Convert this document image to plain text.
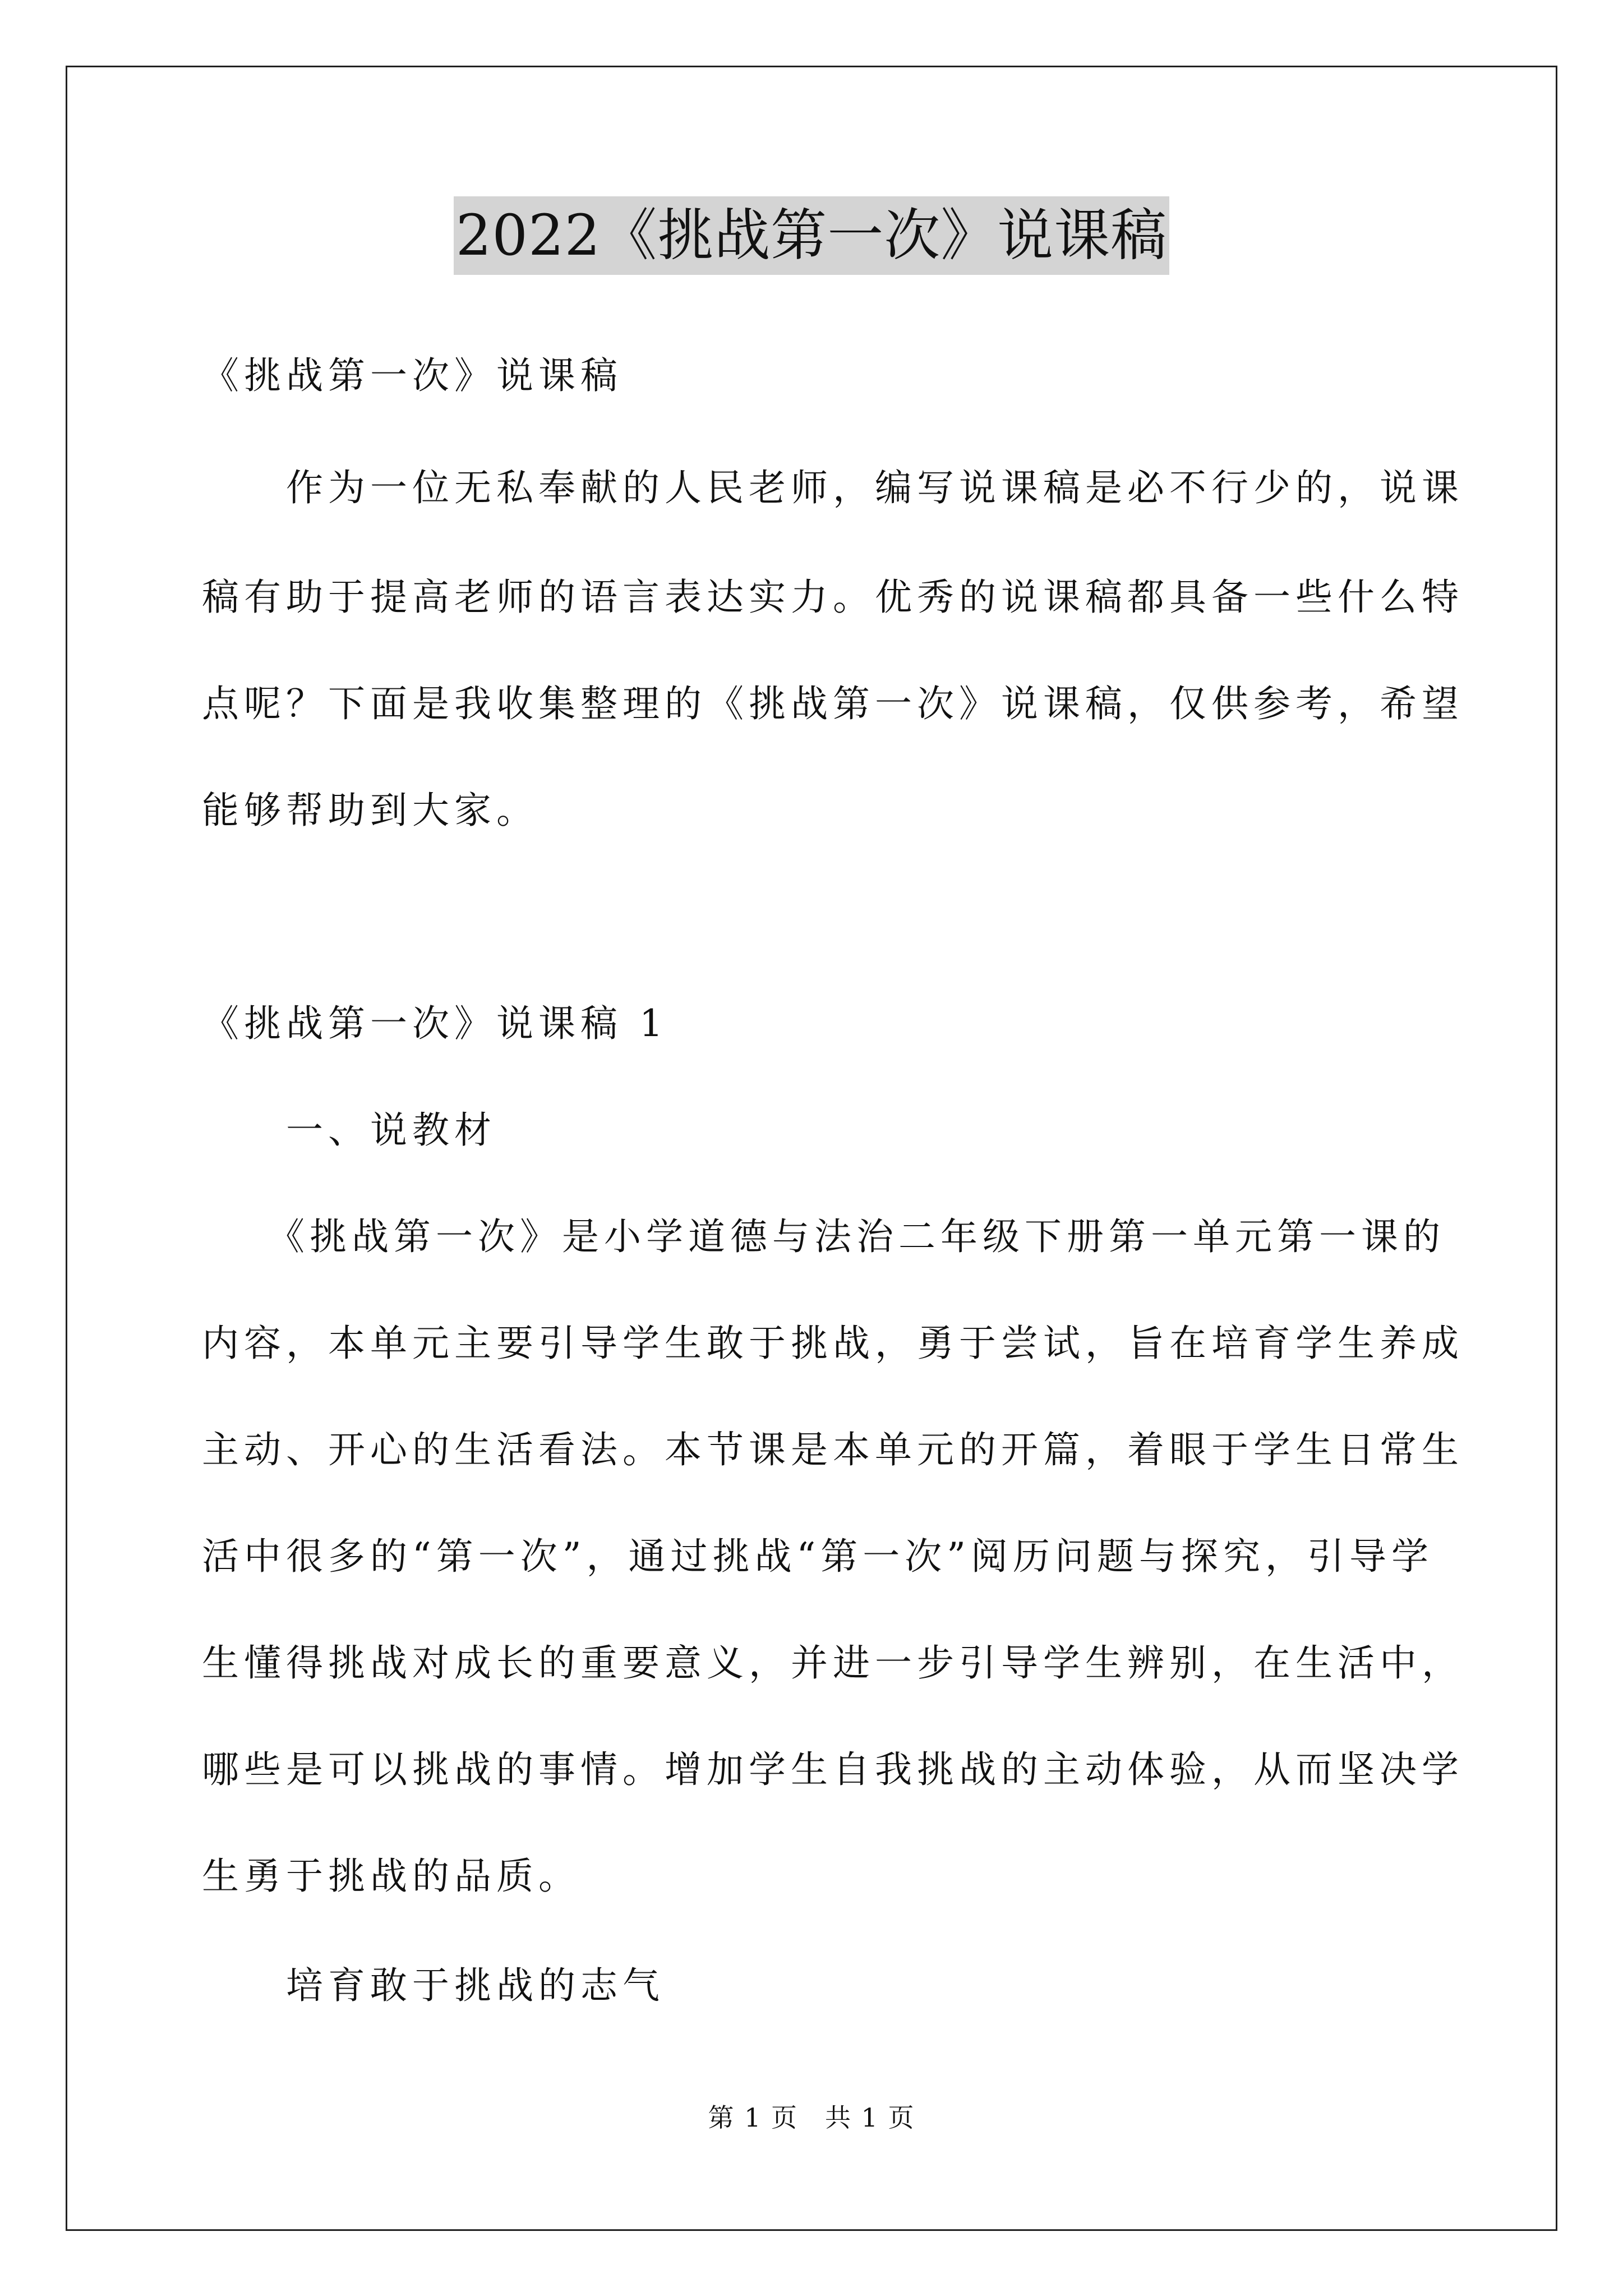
2022《挑战第一次》说课稿
《挑战第一次》说课稿
　　作为一位无私奉献的人民老师，编写说课稿是必不行少的，说课
稿有助于提高老师的语言表达实力。优秀的说课稿都具备一些什么特
点呢？下面是我收集整理的《挑战第一次》说课稿，仅供参考，希望
能够帮助到大家。
《挑战第一次》说课稿 1
　　一、说教材
　　《挑战第一次》是小学道德与法治二年级下册第一单元第一课的
内容，本单元主要引导学生敢于挑战，勇于尝试，旨在培育学生养成
主动、开心的生活看法。本节课是本单元的开篇，着眼于学生日常生
活中很多的“第一次”，通过挑战“第一次”阅历问题与探究，引导学
生懂得挑战对成长的重要意义，并进一步引导学生辨别，在生活中，
哪些是可以挑战的事情。增加学生自我挑战的主动体验，从而坚决学
生勇于挑战的品质。
　　培育敢于挑战的志气
第 1 页　共 1 页
